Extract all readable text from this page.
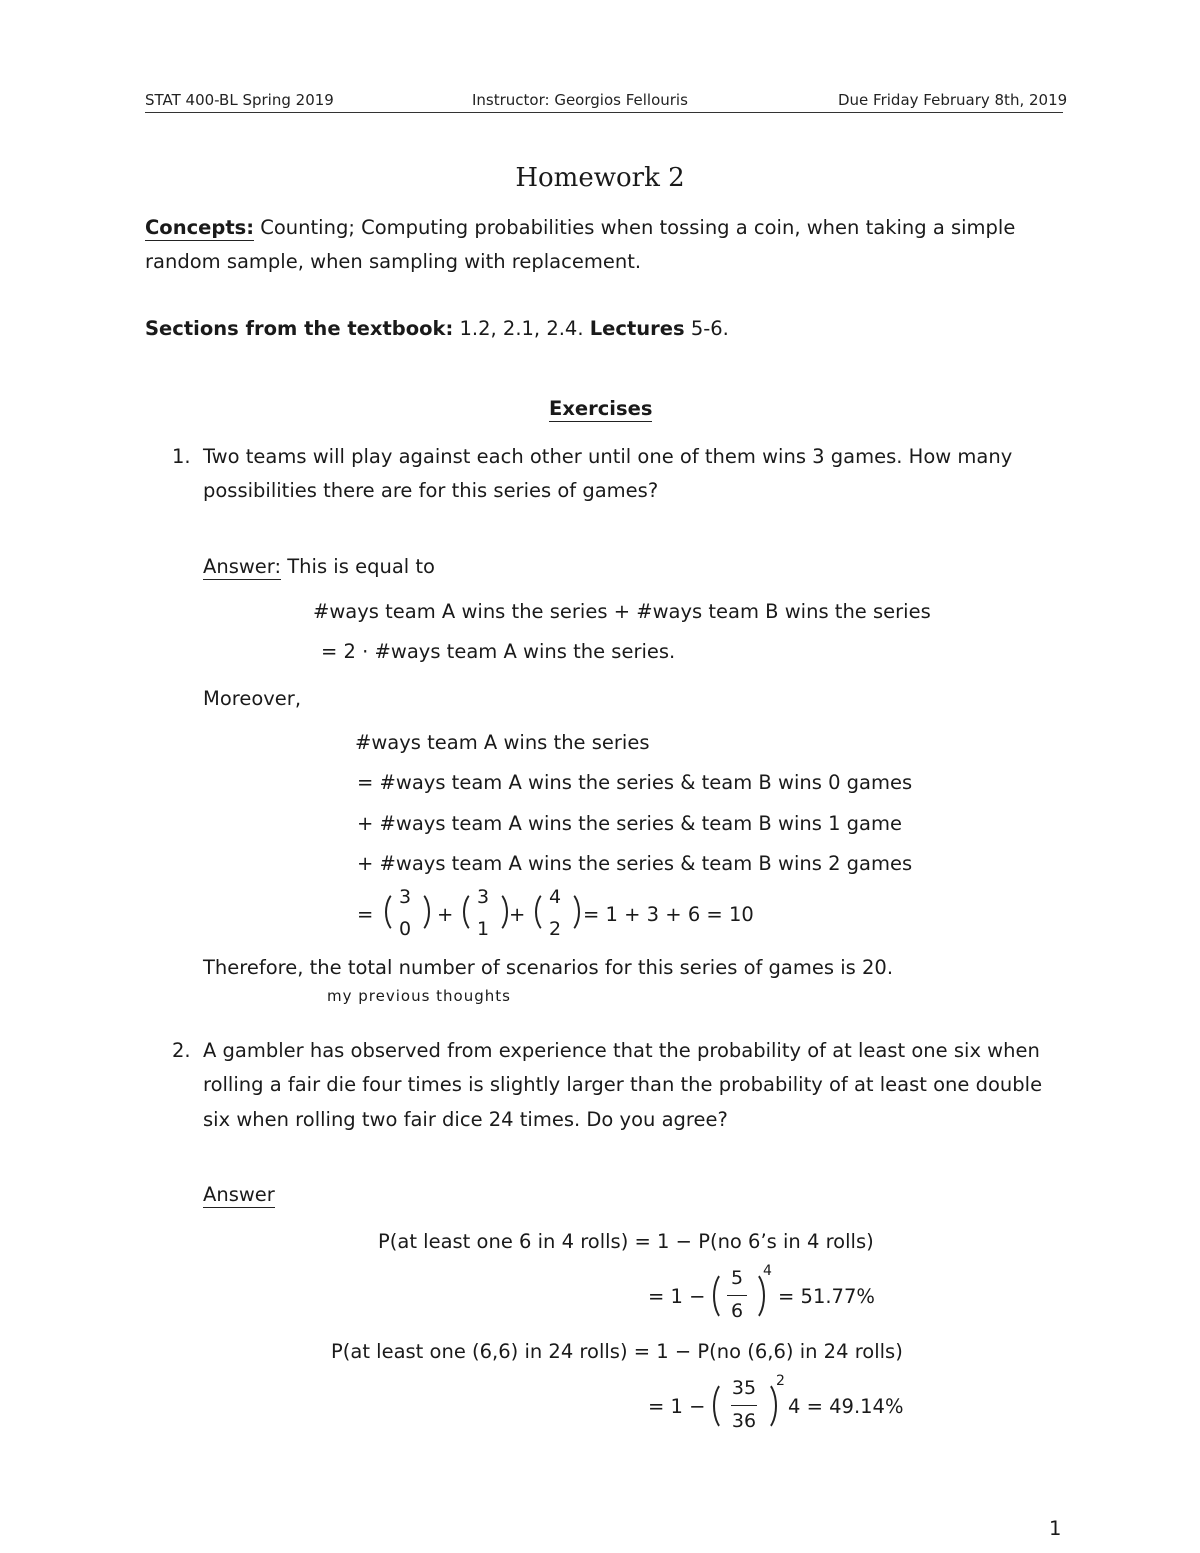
STAT 400-BL Spring 2019	Instructor: Georgios Fellouris	Due Friday February 8th, 2019
Homework 2
Concepts: Counting; Computing probabilities when tossing a coin, when taking a simple
random sample, when sampling with replacement.
Sections from the textbook: 1.2, 2.1, 2.4. Lectures 5-6.
Exercises
1. Two teams will play against each other until one of them wins 3 games. How many
possibilities there are for this series of games?
Answer: This is equal to
#ways team A wins the series + #ways team B wins the series
= 2 · #ways team A wins the series.
Moreover,
#ways team A wins the series
= #ways team A wins the series & team B wins 0 games
+ #ways team A wins the series & team B wins 1 game
+ #ways team A wins the series & team B wins 2 games
=
3
0
+
3
1
+
4
2
= 1 + 3 + 6 = 10
Therefore, the total number of scenarios for this series of games is 20.
my previous thoughts
2. A gambler has observed from experience that the probability of at least one six when
rolling a fair die four times is slightly larger than the probability of at least one double
six when rolling two fair dice 24 times. Do you agree?
Answer
P(at least one 6 in 4 rolls) = 1 − P(no 6’s in 4 rolls)
= 1 −
5
6
4
= 51.77%
P(at least one (6,6) in 24 rolls) = 1 − P(no (6,6) in 24 rolls)
= 1 −
35
36
2
4 = 49.14%
1
